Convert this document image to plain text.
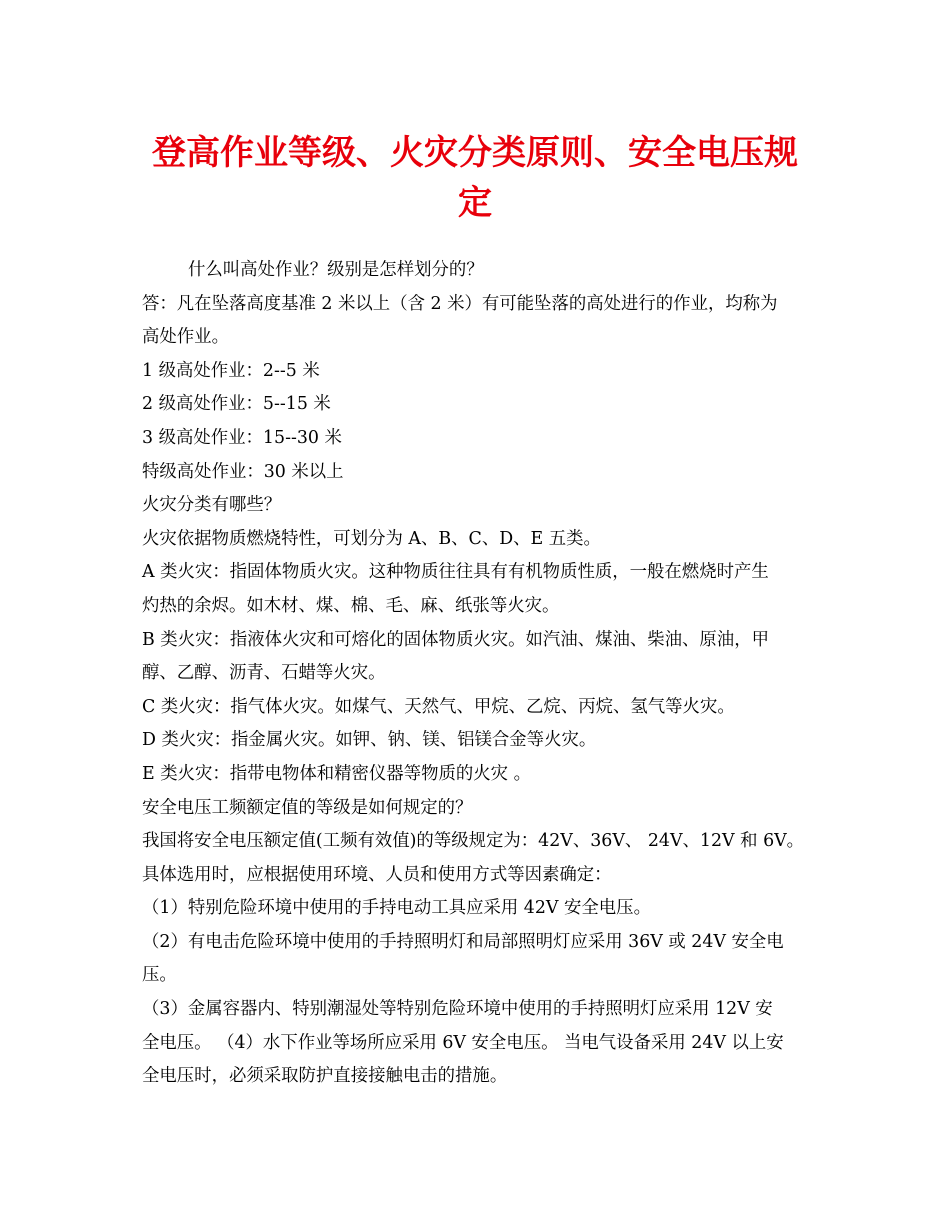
登高作业等级、火灾分类原则、安全电压规
定
什么叫高处作业？级别是怎样划分的？
答：凡在坠落高度基准 2 米以上（含 2 米）有可能坠落的高处进行的作业，均称为
高处作业。
1 级高处作业：2--5 米
2 级高处作业：5--15 米
3 级高处作业：15--30 米
特级高处作业：30 米以上
火灾分类有哪些？
火灾依据物质燃烧特性，可划分为 A、B、C、D、E 五类。
A 类火灾：指固体物质火灾。这种物质往往具有有机物质性质，一般在燃烧时产生
灼热的余烬。如木材、煤、棉、毛、麻、纸张等火灾。
B 类火灾：指液体火灾和可熔化的固体物质火灾。如汽油、煤油、柴油、原油，甲
醇、乙醇、沥青、石蜡等火灾。
C 类火灾：指气体火灾。如煤气、天然气、甲烷、乙烷、丙烷、氢气等火灾。
D 类火灾：指金属火灾。如钾、钠、镁、铝镁合金等火灾。
E 类火灾：指带电物体和精密仪器等物质的火灾 。
安全电压工频额定值的等级是如何规定的？
我国将安全电压额定值(工频有效值)的等级规定为：42V、36V、 24V、12V 和 6V。
具体选用时，应根据使用环境、人员和使用方式等因素确定：
（1）特别危险环境中使用的手持电动工具应采用 42V 安全电压。
（2）有电击危险环境中使用的手持照明灯和局部照明灯应采用 36V 或 24V 安全电
压。
（3）金属容器内、特别潮湿处等特别危险环境中使用的手持照明灯应采用 12V 安
全电压。 （4）水下作业等场所应采用 6V 安全电压。 当电气设备采用 24V 以上安
全电压时，必须采取防护直接接触电击的措施。
